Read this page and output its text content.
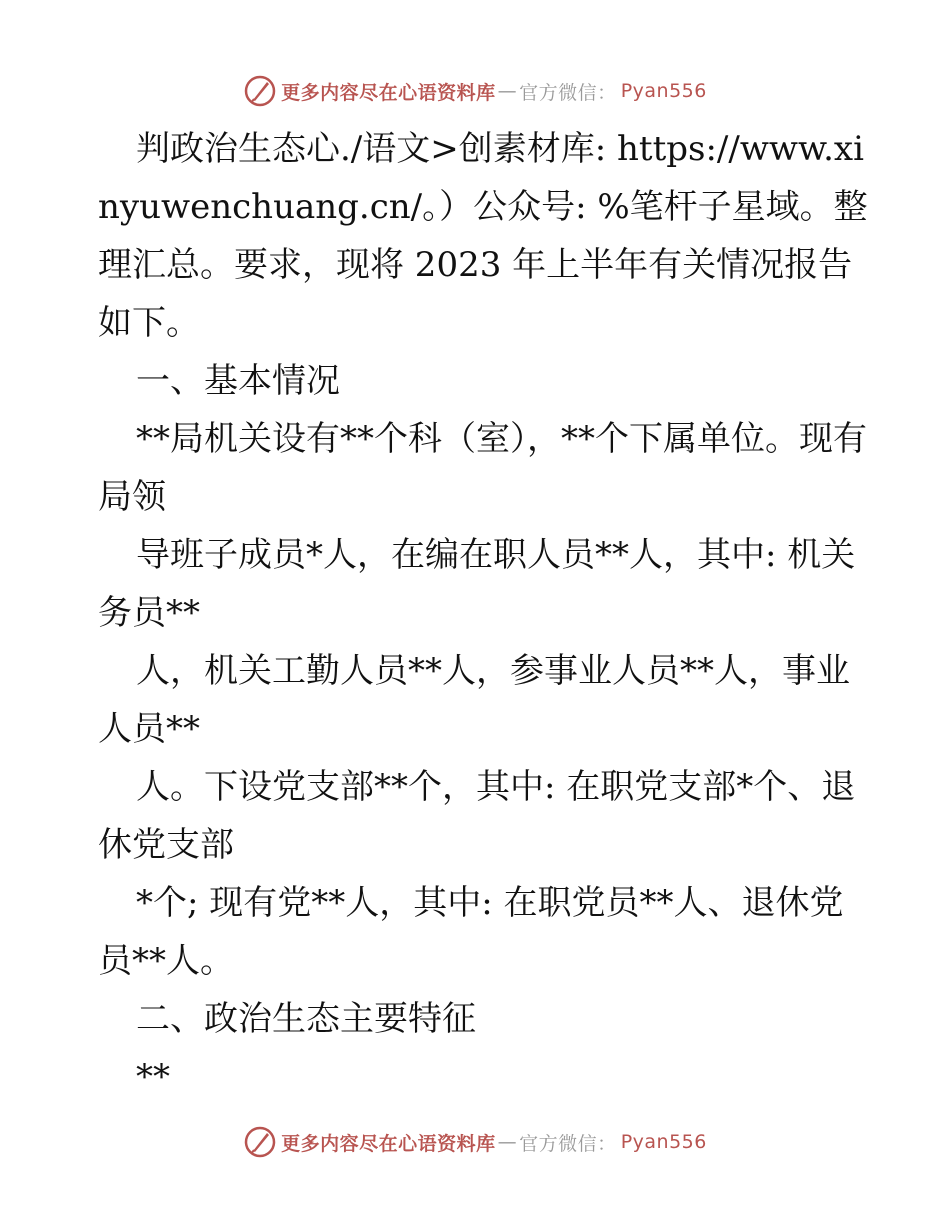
更多内容尽在心语资料库 — 官方微信： Pyan556

判政治生态心./语文>创素材库: https://www.xinyuwenchuang.cn/。）公众号: %笔杆子星域。整理汇总。要求，现将 2023 年上半年有关情况报告如下。

一、基本情况

**局机关设有**个科（室），**个下属单位。现有局领

导班子成员*人，在编在职人员**人，其中: 机关务员**

人，机关工勤人员**人，参事业人员**人，事业人员**

人。下设党支部**个，其中: 在职党支部*个、退休党支部

*个; 现有党**人，其中: 在职党员**人、退休党员**人。

二、政治生态主要特征

**

更多内容尽在心语资料库 — 官方微信： Pyan556
